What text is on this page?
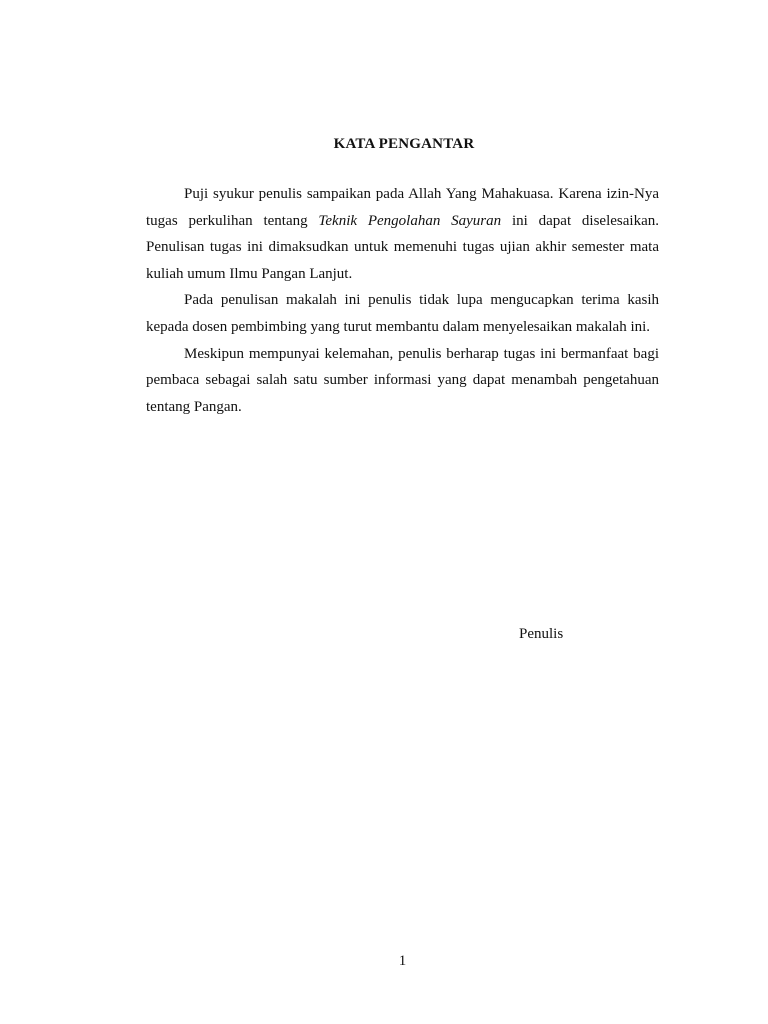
KATA PENGANTAR

Puji syukur penulis sampaikan pada Allah Yang Mahakuasa. Karena izin-Nya tugas perkulihan tentang Teknik Pengolahan Sayuran ini dapat diselesaikan. Penulisan tugas ini dimaksudkan untuk memenuhi tugas ujian akhir semester mata kuliah umum Ilmu Pangan Lanjut.

Pada penulisan makalah ini penulis tidak lupa mengucapkan terima kasih kepada dosen pembimbing yang turut membantu dalam menyelesaikan makalah ini.

Meskipun mempunyai kelemahan, penulis berharap tugas ini bermanfaat bagi pembaca sebagai salah satu sumber informasi yang dapat menambah pengetahuan tentang Pangan.

Penulis

1
